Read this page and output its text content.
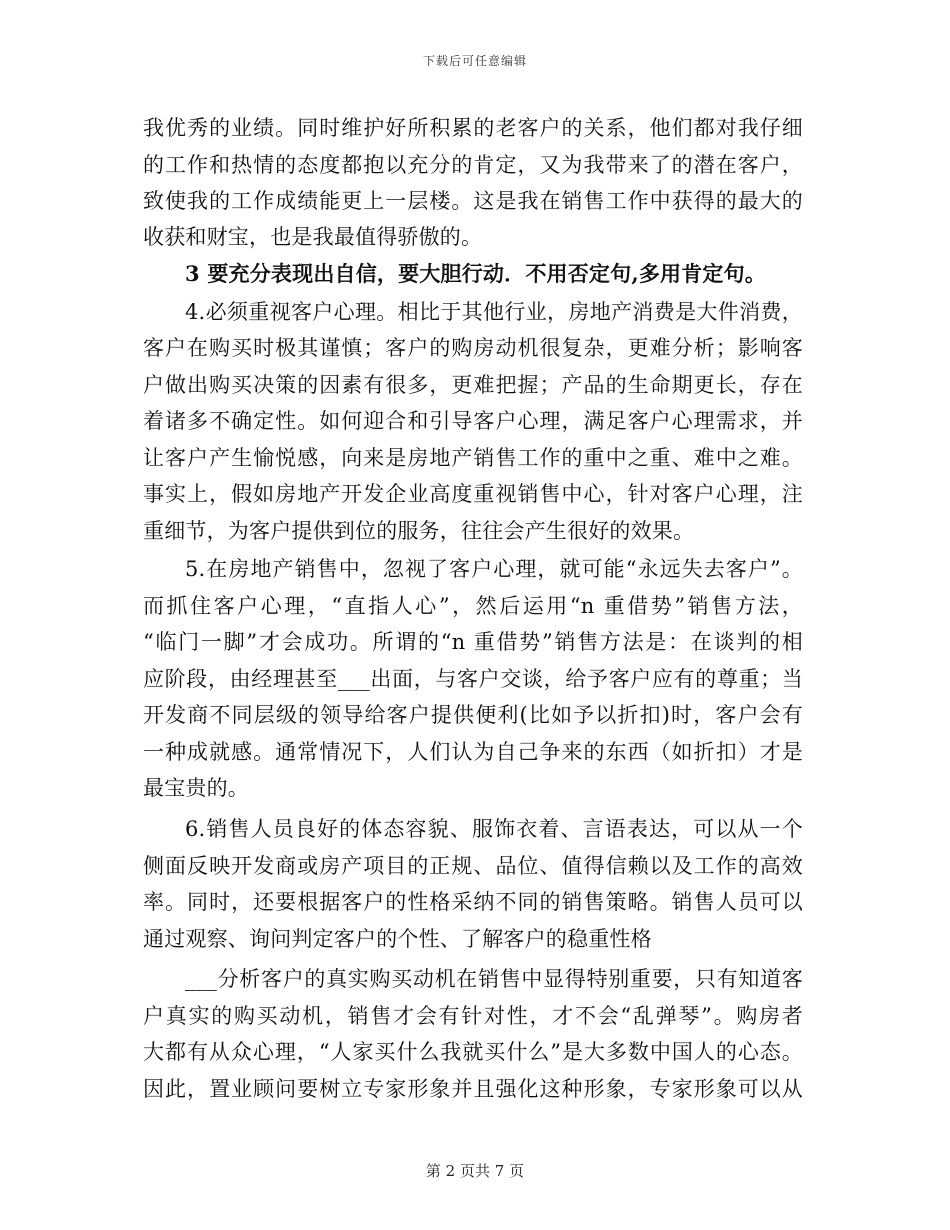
下载后可任意编辑
我优秀的业绩。同时维护好所积累的老客户的关系，他们都对我仔细
的工作和热情的态度都抱以充分的肯定，又为我带来了的潜在客户，
致使我的工作成绩能更上一层楼。这是我在销售工作中获得的最大的
收获和财宝，也是我最值得骄傲的。
3 要充分表现出自信，要大胆行动．不用否定句,多用肯定句。
4.必须重视客户心理。相比于其他行业，房地产消费是大件消费，
客户在购买时极其谨慎；客户的购房动机很复杂，更难分析；影响客
户做出购买决策的因素有很多，更难把握；产品的生命期更长，存在
着诸多不确定性。如何迎合和引导客户心理，满足客户心理需求，并
让客户产生愉悦感，向来是房地产销售工作的重中之重、难中之难。
事实上，假如房地产开发企业高度重视销售中心，针对客户心理，注
重细节，为客户提供到位的服务，往往会产生很好的效果。
5.在房地产销售中，忽视了客户心理，就可能“永远失去客户”。
而抓住客户心理，“直指人心”，然后运用“n 重借势”销售方法，
“临门一脚”才会成功。所谓的“n 重借势”销售方法是：在谈判的相
应阶段，由经理甚至___出面，与客户交谈，给予客户应有的尊重；当
开发商不同层级的领导给客户提供便利(比如予以折扣)时，客户会有
一种成就感。通常情况下，人们认为自己争来的东西（如折扣）才是
最宝贵的。
6.销售人员良好的体态容貌、服饰衣着、言语表达，可以从一个
侧面反映开发商或房产项目的正规、品位、值得信赖以及工作的高效
率。同时，还要根据客户的性格采纳不同的销售策略。销售人员可以
通过观察、询问判定客户的个性、了解客户的稳重性格
___分析客户的真实购买动机在销售中显得特别重要，只有知道客
户真实的购买动机，销售才会有针对性，才不会“乱弹琴”。购房者
大都有从众心理，“人家买什么我就买什么”是大多数中国人的心态。
因此，置业顾问要树立专家形象并且强化这种形象，专家形象可以从
第 2 页共 7 页
